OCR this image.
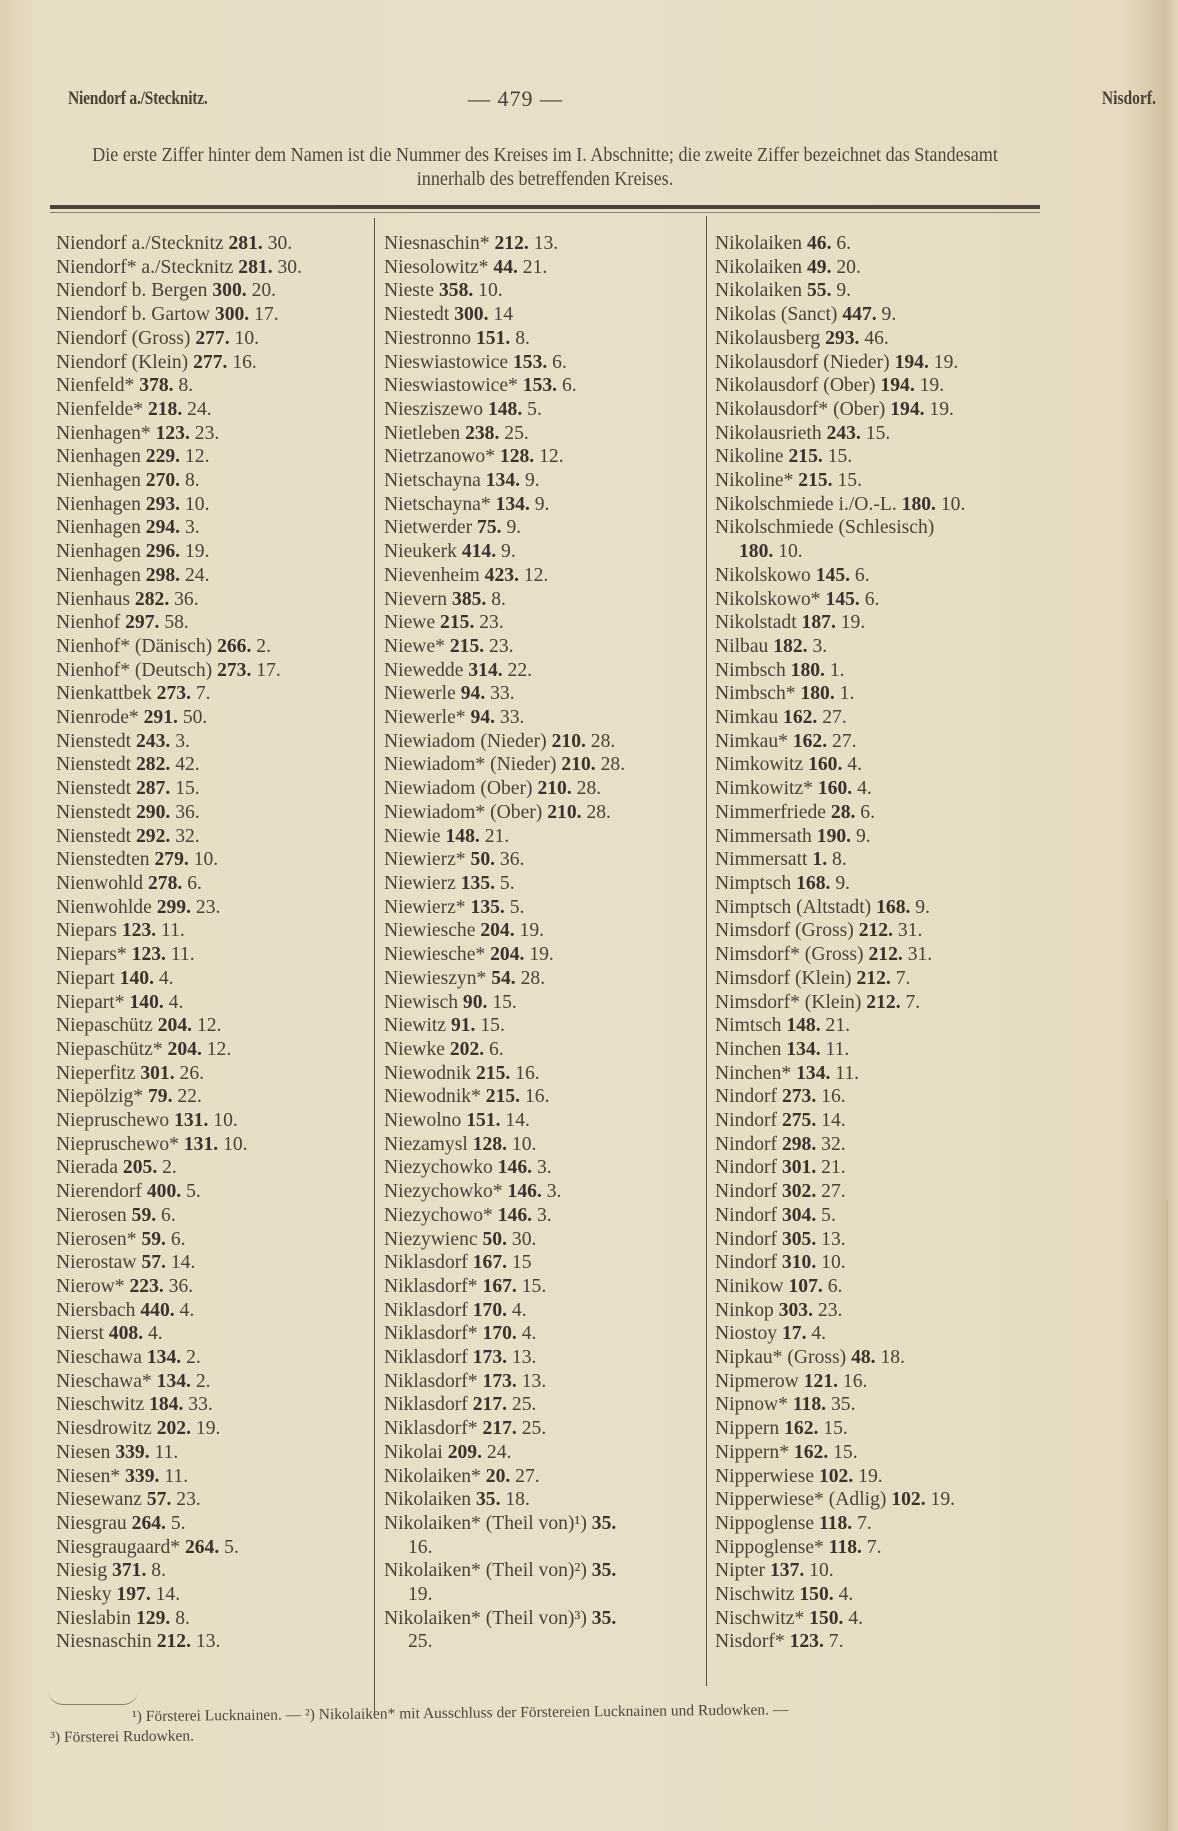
Niendorf a./Stecknitz.	— 479 —	Nisdorf.
Die erste Ziffer hinter dem Namen ist die Nummer des Kreises im I. Abschnitte; die zweite Ziffer bezeichnet das Standesamt innerhalb des betreffenden Kreises.
Niendorf a./Stecknitz 281. 30.
Niendorf* a./Stecknitz 281. 30.
Niendorf b. Bergen 300. 20.
Niendorf b. Gartow 300. 17.
Niendorf (Gross) 277. 10.
Niendorf (Klein) 277. 16.
Nienfeld* 378. 8.
Nienfelde* 218. 24.
Nienhagen* 123. 23.
Nienhagen 229. 12.
Nienhagen 270. 8.
Nienhagen 293. 10.
Nienhagen 294. 3.
Nienhagen 296. 19.
Nienhagen 298. 24.
Nienhaus 282. 36.
Nienhof 297. 58.
Nienhof* (Dänisch) 266. 2.
Nienhof* (Deutsch) 273. 17.
Nienkattbek 273. 7.
Nienrode* 291. 50.
Nienstedt 243. 3.
Nienstedt 282. 42.
Nienstedt 287. 15.
Nienstedt 290. 36.
Nienstedt 292. 32.
Nienstedten 279. 10.
Nienwohld 278. 6.
Nienwohlde 299. 23.
Niepars 123. 11.
Niepars* 123. 11.
Niepart 140. 4.
Niepart* 140. 4.
Niepaschütz 204. 12.
Niepaschütz* 204. 12.
Nieperfitz 301. 26.
Niepölzig* 79. 22.
Niepruschewo 131. 10.
Niepruschewo* 131. 10.
Nierada 205. 2.
Nierendorf 400. 5.
Nierosen 59. 6.
Nierosen* 59. 6.
Nierostaw 57. 14.
Nierow* 223. 36.
Niersbach 440. 4.
Nierst 408. 4.
Nieschawa 134. 2.
Nieschawa* 134. 2.
Nieschwitz 184. 33.
Niesdrowitz 202. 19.
Niesen 339. 11.
Niesen* 339. 11.
Niesewanz 57. 23.
Niesgrau 264. 5.
Niesgraugaard* 264. 5.
Niesig 371. 8.
Niesky 197. 14.
Nieslabin 129. 8.
Niesnaschin 212. 13.
Niesnaschin* 212. 13.
Niesolowitz* 44. 21.
Nieste 358. 10.
Niestedt 300. 14
Niestronno 151. 8.
Nieswiastowice 153. 6.
Nieswiastowice* 153. 6.
Niesziszewo 148. 5.
Nietleben 238. 25.
Nietrzanowo* 128. 12.
Nietschayna 134. 9.
Nietschayna* 134. 9.
Nietwerder 75. 9.
Nieukerk 414. 9.
Nievenheim 423. 12.
Nievern 385. 8.
Niewe 215. 23.
Niewe* 215. 23.
Niewedde 314. 22.
Niewerle 94. 33.
Niewerle* 94. 33.
Niewiadom (Nieder) 210. 28.
Niewiadom* (Nieder) 210. 28.
Niewiadom (Ober) 210. 28.
Niewiadom* (Ober) 210. 28.
Niewie 148. 21.
Niewierz* 50. 36.
Niewierz 135. 5.
Niewierz* 135. 5.
Niewiesche 204. 19.
Niewiesche* 204. 19.
Niewieszyn* 54. 28.
Niewisch 90. 15.
Niewitz 91. 15.
Niewke 202. 6.
Niewodnik 215. 16.
Niewodnik* 215. 16.
Niewolno 151. 14.
Niezamysl 128. 10.
Niezychowko 146. 3.
Niezychowko* 146. 3.
Niezychowo* 146. 3.
Niezywienc 50. 30.
Niklasdorf 167. 15
Niklasdorf* 167. 15.
Niklasdorf 170. 4.
Niklasdorf* 170. 4.
Niklasdorf 173. 13.
Niklasdorf* 173. 13.
Niklasdorf 217. 25.
Niklasdorf* 217. 25.
Nikolai 209. 24.
Nikolaiken* 20. 27.
Nikolaiken 35. 18.
Nikolaiken* (Theil von)¹) 35.
16.
Nikolaiken* (Theil von)²) 35.
19.
Nikolaiken* (Theil von)³) 35.
25.
Nikolaiken 46. 6.
Nikolaiken 49. 20.
Nikolaiken 55. 9.
Nikolas (Sanct) 447. 9.
Nikolausberg 293. 46.
Nikolausdorf (Nieder) 194. 19.
Nikolausdorf (Ober) 194. 19.
Nikolausdorf* (Ober) 194. 19.
Nikolausrieth 243. 15.
Nikoline 215. 15.
Nikoline* 215. 15.
Nikolschmiede i./O.-L. 180. 10.
Nikolschmiede (Schlesisch)
180. 10.
Nikolskowo 145. 6.
Nikolskowo* 145. 6.
Nikolstadt 187. 19.
Nilbau 182. 3.
Nimbsch 180. 1.
Nimbsch* 180. 1.
Nimkau 162. 27.
Nimkau* 162. 27.
Nimkowitz 160. 4.
Nimkowitz* 160. 4.
Nimmerfriede 28. 6.
Nimmersath 190. 9.
Nimmersatt 1. 8.
Nimptsch 168. 9.
Nimptsch (Altstadt) 168. 9.
Nimsdorf (Gross) 212. 31.
Nimsdorf* (Gross) 212. 31.
Nimsdorf (Klein) 212. 7.
Nimsdorf* (Klein) 212. 7.
Nimtsch 148. 21.
Ninchen 134. 11.
Ninchen* 134. 11.
Nindorf 273. 16.
Nindorf 275. 14.
Nindorf 298. 32.
Nindorf 301. 21.
Nindorf 302. 27.
Nindorf 304. 5.
Nindorf 305. 13.
Nindorf 310. 10.
Ninikow 107. 6.
Ninkop 303. 23.
Niostoy 17. 4.
Nipkau* (Gross) 48. 18.
Nipmerow 121. 16.
Nipnow* 118. 35.
Nippern 162. 15.
Nippern* 162. 15.
Nipperwiese 102. 19.
Nipperwiese* (Adlig) 102. 19.
Nippoglense 118. 7.
Nippoglense* 118. 7.
Nipter 137. 10.
Nischwitz 150. 4.
Nischwitz* 150. 4.
Nisdorf* 123. 7.
¹) Försterei Lucknainen. — ²) Nikolaiken* mit Ausschluss der Förstereien Lucknainen und Rudowken. —
³) Försterei Rudowken.
